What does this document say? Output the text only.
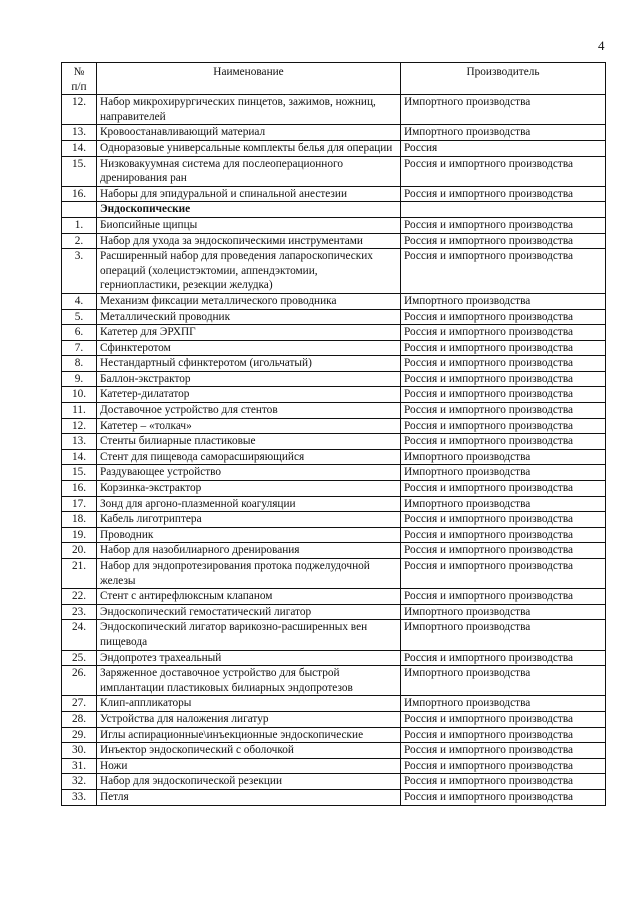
4
№
п/п	Наименование	Производитель
12.	Набор микрохирургических пинцетов, зажимов, ножниц, направителей	Импортного производства
13.	Кровоостанавливающий материал	Импортного производства
14.	Одноразовые универсальные комплекты белья для операции	Россия
15.	Низковакуумная система для послеоперационного дренирования ран	Россия и импортного производства
16.	Наборы для эпидуральной и спинальной анестезии	Россия и импортного производства
	Эндоскопические	
1.	Биопсийные щипцы	Россия и импортного производства
2.	Набор для ухода за эндоскопическими инструментами	Россия и импортного производства
3.	Расширенный набор для проведения лапароскопических операций (холецистэктомии, аппендэктомии, герниопластики, резекции желудка)	Россия и импортного производства
4.	Механизм фиксации металлического проводника	Импортного производства
5.	Металлический проводник	Россия и импортного производства
6.	Катетер для ЭРХПГ	Россия и импортного производства
7.	Сфинктеротом	Россия и импортного производства
8.	Нестандартный сфинктеротом (игольчатый)	Россия и импортного производства
9.	Баллон-экстрактор	Россия и импортного производства
10.	Катетер-дилататор	Россия и импортного производства
11.	Доставочное устройство для стентов	Россия и импортного производства
12.	Катетер – «толкач»	Россия и импортного производства
13.	Стенты билиарные пластиковые	Россия и импортного производства
14.	Стент для пищевода саморасширяющийся	Импортного производства
15.	Раздувающее устройство	Импортного производства
16.	Корзинка-экстрактор	Россия и импортного производства
17.	Зонд для аргоно-плазменной коагуляции	Импортного производства
18.	Кабель лиготриптера	Россия и импортного производства
19.	Проводник	Россия и импортного производства
20.	Набор для назобилиарного дренирования	Россия и импортного производства
21.	Набор для эндопротезирования протока поджелудочной железы	Россия и импортного производства
22.	Стент с антирефлюксным клапаном	Россия и импортного производства
23.	Эндоскопический гемостатический лигатор	Импортного производства
24.	Эндоскопический лигатор варикозно-расширенных вен пищевода	Импортного производства
25.	Эндопротез трахеальный	Россия и импортного производства
26.	Заряженное доставочное устройство для быстрой имплантации пластиковых билиарных эндопротезов	Импортного производства
27.	Клип-аппликаторы	Импортного производства
28.	Устройства для наложения лигатур	Россия и импортного производства
29.	Иглы аспирационные\инъекционные эндоскопические	Россия и импортного производства
30.	Инъектор эндоскопический с оболочкой	Россия и импортного производства
31.	Ножи	Россия и импортного производства
32.	Набор для эндоскопической резекции	Россия и импортного производства
33.	Петля	Россия и импортного производства
